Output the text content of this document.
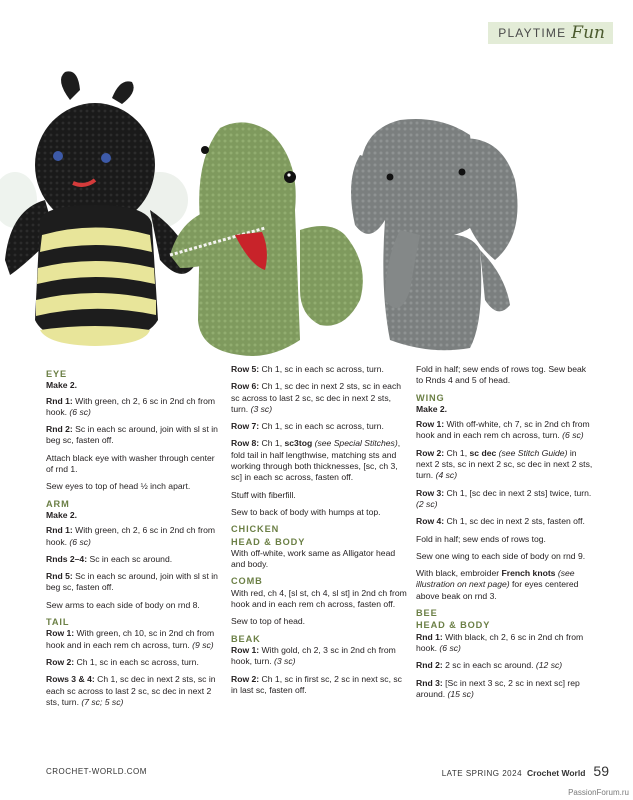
PLAYTIME Fun
EYE

Make 2.

Rnd 1: With green, ch 2, 6 sc in 2nd ch from hook. (6 sc)

Rnd 2: Sc in each sc around, join with sl st in beg sc, fasten off.

Attach black eye with washer through center of rnd 1.

Sew eyes to top of head ½ inch apart.

ARM

Make 2.

Rnd 1: With green, ch 2, 6 sc in 2nd ch from hook. (6 sc)

Rnds 2–4: Sc in each sc around.

Rnd 5: Sc in each sc around, join with sl st in beg sc, fasten off.

Sew arms to each side of body on rnd 8.

TAIL

Row 1: With green, ch 10, sc in 2nd ch from hook and in each rem ch across, turn. (9 sc)

Row 2: Ch 1, sc in each sc across, turn.

Rows 3 & 4: Ch 1, sc dec in next 2 sts, sc in each sc across to last 2 sc, sc dec in next 2 sts, turn. (7 sc; 5 sc)

Row 5: Ch 1, sc in each sc across, turn.

Row 6: Ch 1, sc dec in next 2 sts, sc in each sc across to last 2 sc, sc dec in next 2 sts, turn. (3 sc)

Row 7: Ch 1, sc in each sc across, turn.

Row 8: Ch 1, sc3tog (see Special Stitches), fold tail in half lengthwise, matching sts and working through both thicknesses, [sc, ch 3, sc] in each sc across, fasten off.

Stuff with fiberfill.

Sew to back of body with humps at top.

CHICKEN
HEAD & BODY

With off-white, work same as Alligator head and body.

COMB

With red, ch 4, [sl st, ch 4, sl st] in 2nd ch from hook and in each rem ch across, fasten off.

Sew to top of head.

BEAK

Row 1: With gold, ch 2, 3 sc in 2nd ch from hook, turn. (3 sc)

Row 2: Ch 1, sc in first sc, 2 sc in next sc, sc in last sc, fasten off.

Fold in half; sew ends of rows tog. Sew beak to Rnds 4 and 5 of head.

WING

Make 2.

Row 1: With off-white, ch 7, sc in 2nd ch from hook and in each rem ch across, turn. (6 sc)

Row 2: Ch 1, sc dec (see Stitch Guide) in next 2 sts, sc in next 2 sc, sc dec in next 2 sts, turn. (4 sc)

Row 3: Ch 1, [sc dec in next 2 sts] twice, turn. (2 sc)

Row 4: Ch 1, sc dec in next 2 sts, fasten off.

Fold in half; sew ends of rows tog.

Sew one wing to each side of body on rnd 9.

With black, embroider French knots (see illustration on next page) for eyes centered above beak on rnd 3.

BEE
HEAD & BODY

Rnd 1: With black, ch 2, 6 sc in 2nd ch from hook. (6 sc)

Rnd 2: 2 sc in each sc around. (12 sc)

Rnd 3: [Sc in next 3 sc, 2 sc in next sc] rep around. (15 sc)

CROCHET-WORLD.COM	LATE SPRING 2024 Crochet World 59
PassionForum.ru
